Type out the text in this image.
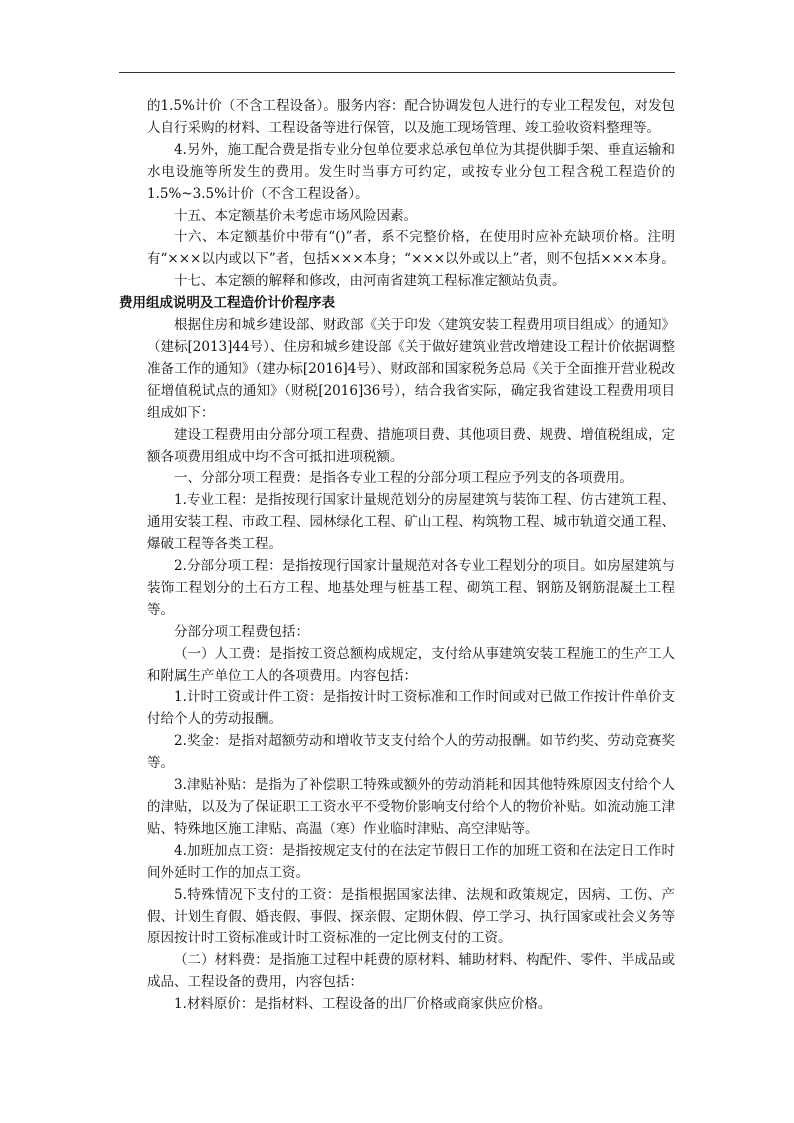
的1.5%计价（不含工程设备）。服务内容：配合协调发包人进行的专业工程发包，对发包人自行采购的材料、工程设备等进行保管，以及施工现场管理、竣工验收资料整理等。

4.另外，施工配合费是指专业分包单位要求总承包单位为其提供脚手架、垂直运输和水电设施等所发生的费用。发生时当事方可约定，或按专业分包工程含税工程造价的1.5%~3.5%计价（不含工程设备）。

十五、本定额基价未考虑市场风险因素。

十六、本定额基价中带有“()”者，系不完整价格，在使用时应补充缺项价格。注明有“×××以内或以下”者，包括×××本身；“×××以外或以上”者，则不包括×××本身。

十七、本定额的解释和修改，由河南省建筑工程标准定额站负责。

费用组成说明及工程造价计价程序表

根据住房和城乡建设部、财政部《关于印发〈建筑安装工程费用项目组成〉的通知》（建标[2013]44号）、住房和城乡建设部《关于做好建筑业营改增建设工程计价依据调整准备工作的通知》（建办标[2016]4号）、财政部和国家税务总局《关于全面推开营业税改征增值税试点的通知》（财税[2016]36号），结合我省实际，确定我省建设工程费用项目组成如下：

建设工程费用由分部分项工程费、措施项目费、其他项目费、规费、增值税组成，定额各项费用组成中均不含可抵扣进项税额。

一、分部分项工程费：是指各专业工程的分部分项工程应予列支的各项费用。

1.专业工程：是指按现行国家计量规范划分的房屋建筑与装饰工程、仿古建筑工程、通用安装工程、市政工程、园林绿化工程、矿山工程、构筑物工程、城市轨道交通工程、爆破工程等各类工程。

2.分部分项工程：是指按现行国家计量规范对各专业工程划分的项目。如房屋建筑与装饰工程划分的土石方工程、地基处理与桩基工程、砌筑工程、钢筋及钢筋混凝土工程等。

分部分项工程费包括：

（一）人工费：是指按工资总额构成规定，支付给从事建筑安装工程施工的生产工人和附属生产单位工人的各项费用。内容包括：

1.计时工资或计件工资：是指按计时工资标准和工作时间或对已做工作按计件单价支付给个人的劳动报酬。

2.奖金：是指对超额劳动和增收节支支付给个人的劳动报酬。如节约奖、劳动竞赛奖等。

3.津贴补贴：是指为了补偿职工特殊或额外的劳动消耗和因其他特殊原因支付给个人的津贴，以及为了保证职工工资水平不受物价影响支付给个人的物价补贴。如流动施工津贴、特殊地区施工津贴、高温（寒）作业临时津贴、高空津贴等。

4.加班加点工资：是指按规定支付的在法定节假日工作的加班工资和在法定日工作时间外延时工作的加点工资。

5.特殊情况下支付的工资：是指根据国家法律、法规和政策规定，因病、工伤、产假、计划生育假、婚丧假、事假、探亲假、定期休假、停工学习、执行国家或社会义务等原因按计时工资标准或计时工资标准的一定比例支付的工资。

（二）材料费：是指施工过程中耗费的原材料、辅助材料、构配件、零件、半成品或成品、工程设备的费用，内容包括：

1.材料原价：是指材料、工程设备的出厂价格或商家供应价格。
